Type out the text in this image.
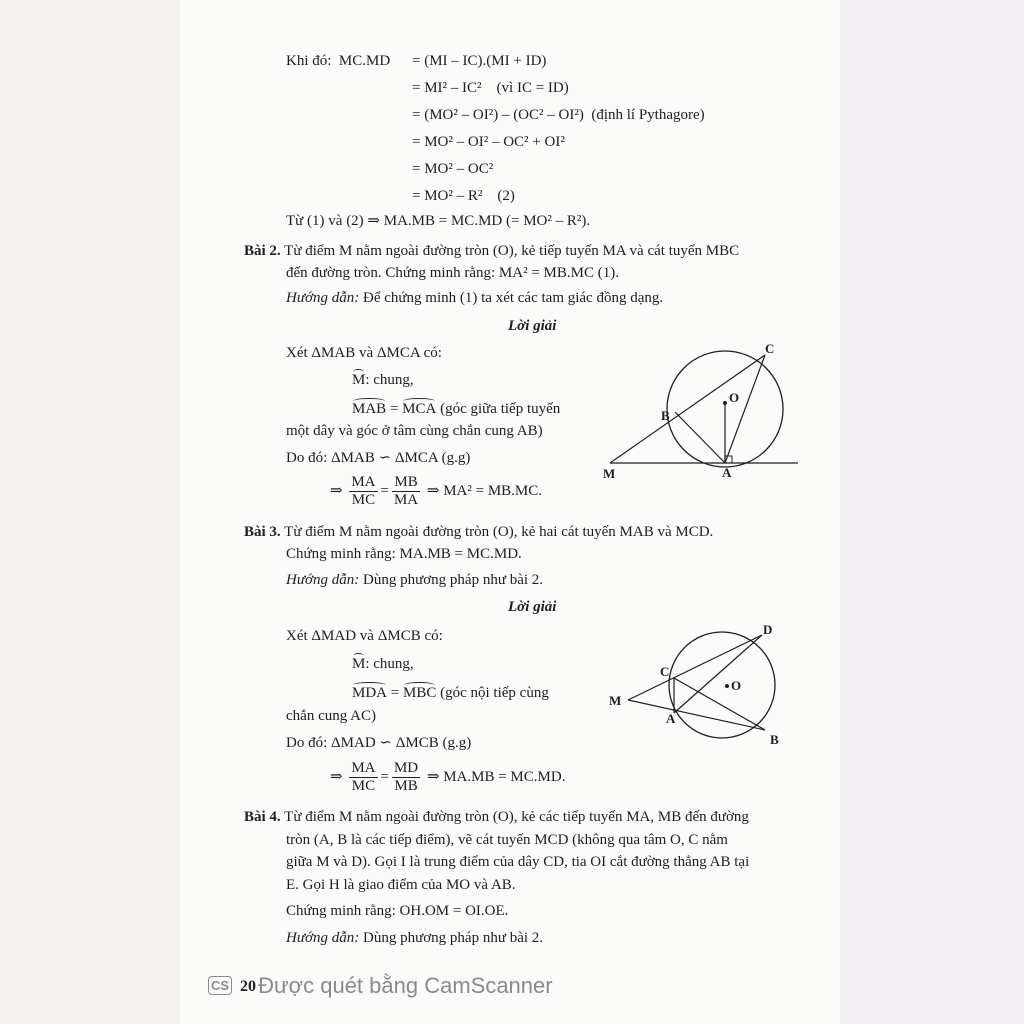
Khi đó: MC.MD = (MI – IC).(MI + ID)
= MI² – IC² (vì IC = ID)
= (MO² – OI²) – (OC² – OI²) (định lí Pythagore)
= MO² – OI² – OC² + OI²
= MO² – OC²
= MO² – R² (2)
Từ (1) và (2) ⇒ MA.MB = MC.MD (= MO² – R²).
Bài 2. Từ điểm M nằm ngoài đường tròn (O), kẻ tiếp tuyến MA và cát tuyến MBC
đến đường tròn. Chứng minh rằng: MA² = MB.MC (1).
Hướng dẫn: Để chứng minh (1) ta xét các tam giác đồng dạng.
Lời giải
Xét ΔMAB và ΔMCA có:
M: chung,
MAB = MCA (góc giữa tiếp tuyến
một dây và góc ở tâm cùng chắn cung AB)
Do đó: ΔMAB ∽ ΔMCA (g.g)
⇒ $\frac{MA}{MC} = \frac{MB}{MA}$ ⇒ MA² = MB.MC.
C
O
B
M	A
Bài 3. Từ điểm M nằm ngoài đường tròn (O), kẻ hai cát tuyến MAB và MCD.
Chứng minh rằng: MA.MB = MC.MD.
Hướng dẫn: Dùng phương pháp như bài 2.
Lời giải
Xét ΔMAD và ΔMCB có:
M: chung,
MDA = MBC (góc nội tiếp cùng
chắn cung AC)
Do đó: ΔMAD ∽ ΔMCB (g.g)
⇒ $\frac{MA}{MC} = \frac{MD}{MB}$ ⇒ MA.MB = MC.MD.
D
C
O
M
A
B
Bài 4. Từ điểm M nằm ngoài đường tròn (O), kẻ các tiếp tuyến MA, MB đến đường
tròn (A, B là các tiếp điểm), vẽ cát tuyến MCD (không qua tâm O, C nằm
giữa M và D). Gọi I là trung điểm của dây CD, tia OI cắt đường thẳng AB tại
E. Gọi H là giao điểm của MO và AB.
Chứng minh rằng: OH.OM = OI.OE.
Hướng dẫn: Dùng phương pháp như bài 2.
20
CS Được quét bằng CamScanner
